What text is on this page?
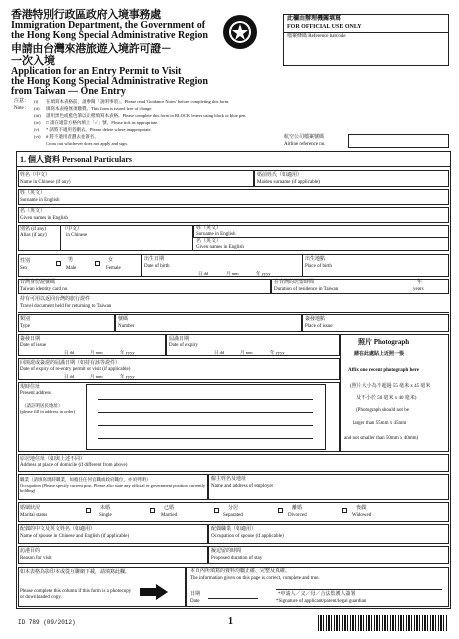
香港特別行政區政府入境事務處
Immigration Department, the Government of
the Hong Kong Special Administrative Region
申請由台灣來港旅遊入境許可證－
一次入境
Application for an Entry Permit to Visit
the Hong Kong Special Administrative Region
from Taiwan — One Entry
此欄由辦理機關填寫
FOR OFFICIAL USE ONLY
檔案條碼 Reference barcode
注意：
Note :
(i)	在填寫本表格前，請參閱「說明事項」。Please read 'Guidance Notes' before completing this form.
(ii)	填寫本表格無須繳費。This form is issued free of charge.
(iii)	請用黑色或藍色筆以正楷填寫本表格。Please complete this form in BLOCK letters using black or blue pen.
(iv)	□ 請在適當方格內填上「✓」號。Please tick as appropriate.
(v)	* 請將不適用者刪去。Please delete where inappropriate.
(vi)	# 將不適用者劃去並簽名。
Cross out whichever does not apply and sign.
航空公司檔案號碼
Airline reference no.
1. 個人資料 Personal Particulars
姓名（中文）
Name in Chinese (if any)
婚前姓氏（如適用）
Maiden surname (if applicable)
姓（英文）
Surname in English
名（英文）
Given names in English
別名 (if any)
Alias (if any)
（中文）
in Chinese
姓（英文）
Surname in English
名（英文）
Given names in English
性別
Sex
男
Male
女
Female
出生日期
Date of birth
日 dd	月 mm	年 yyyy
出生地點
Place of birth
台灣身份證號碼
Taiwan identity card no.
在台灣的居留時間
Duration of residence in Taiwan
年
years
持有可用以返回台灣的旅行證件
Travel document held for returning to Taiwan
類別
Type
號碼
Number
簽發地點
Place of issue
簽發日期
Date of issue
日 dd	月 mm	年 yyyy
屆滿日期
Date of expiry
日 dd	月 mm	年 yyyy
回境證或簽證的屆滿日期（如持有該等證件）
Date of expiry of re-entry permit or visit (if applicable)
日 dd	月 mm	年 yyyy
現時住址
Present address
（請註明居民地址）
(please fill in address in order)
照片 Photograph
請在此處貼上近照一張
Affix one recent photograph here
(照片大小為不超過 55 毫米 x 45 毫米
及不小於 50 毫米 x 40 毫米)
(Photograph should not be
larger than 55mm x 45mm
and not smaller than 50mm x 40mm)
原居地住址（如與上述不同）
Address at place of domicile (if different from above)
職業（請填寫現時職業，如擔任任何官職或政府職位，亦須列明）
Occupation (Please specify current post. Please also state any official or government position currently holding)
僱主姓名及地址
Name and address of employer
婚姻狀況
Marital status
未婚
Single
已婚
Married
分居
Separated
離婚
Divorced
喪偶
Widowed
配偶的中文及英文姓名（如適用）
Name of spouse in Chinese and English (if applicable)
配偶職業（如適用）
Occupation of spouse (if applicable)
訪港目的
Reason for visit
擬逗留的時間
Proposed duration of stay
如本表格為影印本或從互聯網下載，請填寫此欄。
Please complete this column if this form is a photocopy or downloaded copy.
本頁內所填寫的資料均屬正確、完整及真確。
The information given on this page is correct, complete and true.
日期
Date
*申請人／父／母／合法監護人簽署
*Signature of applicant/parent/legal guardian
ID 789 (09/2012)	1
